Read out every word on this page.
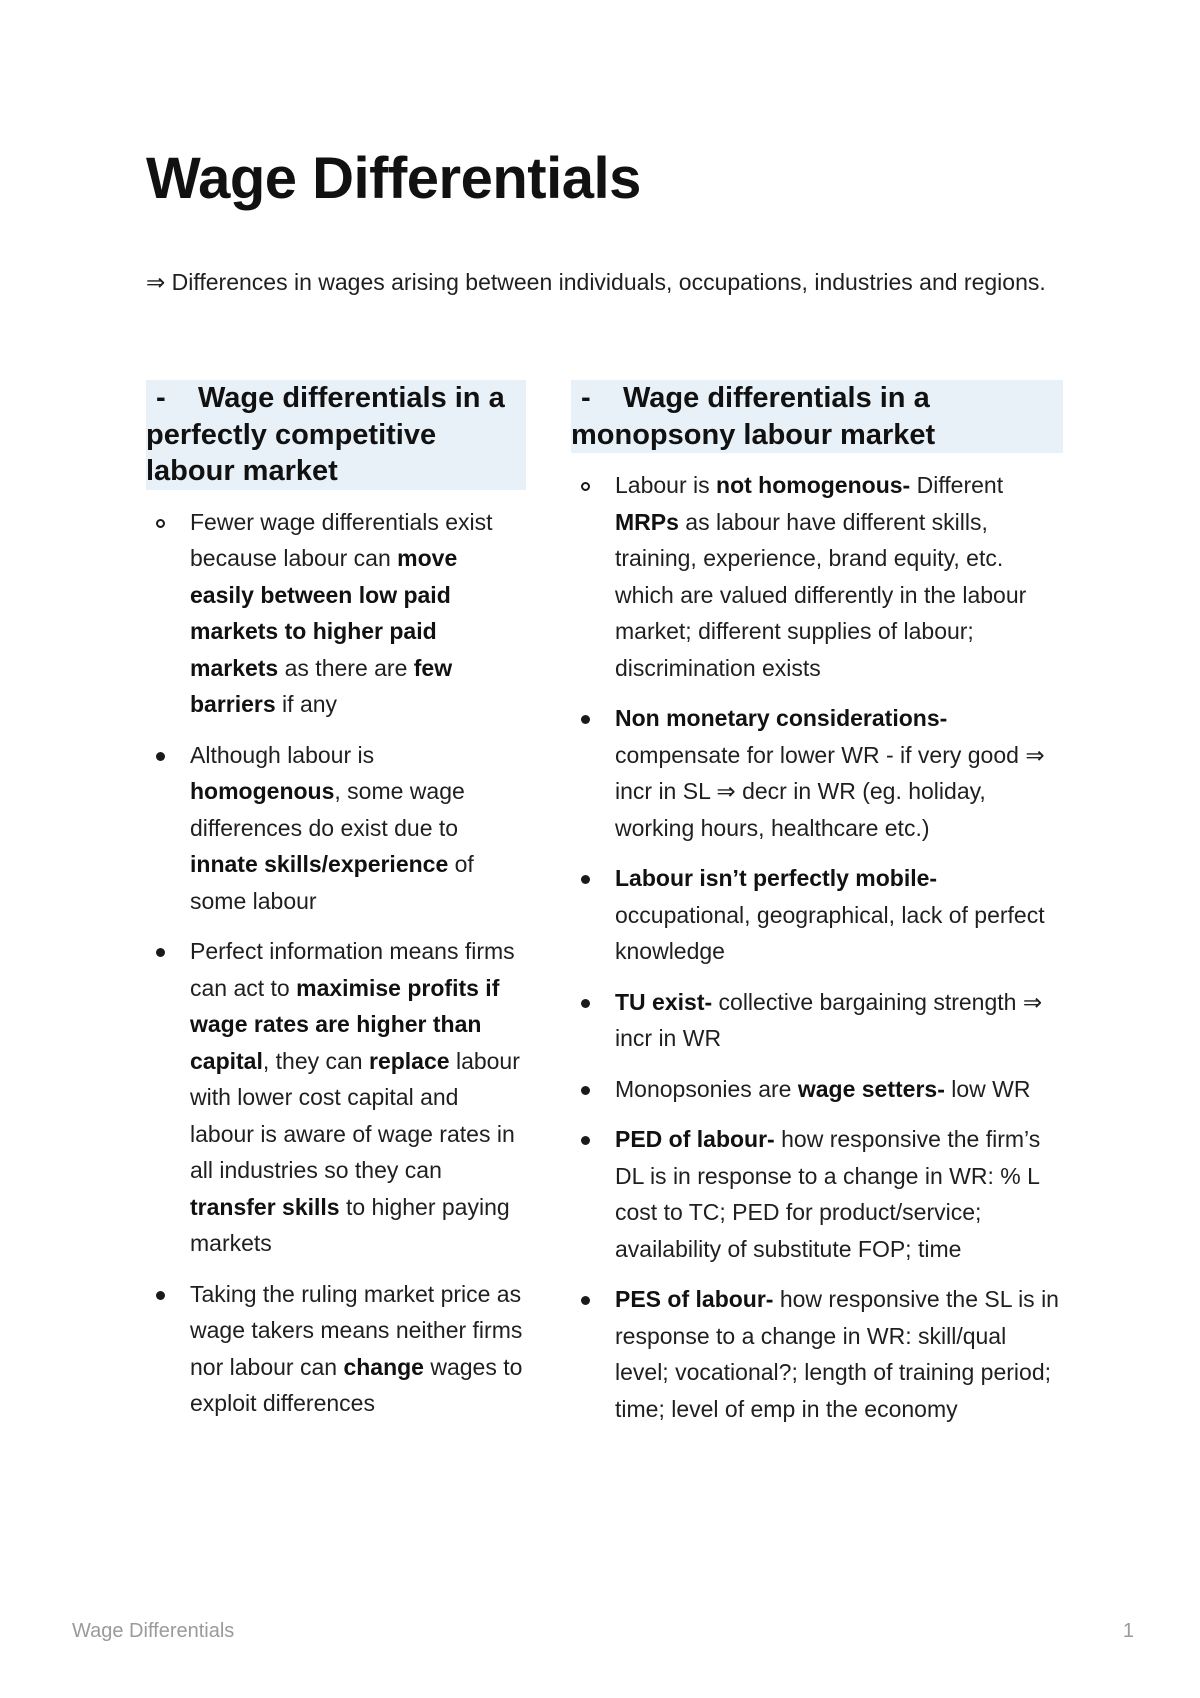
Wage Differentials

⇒ Differences in wages arising between individuals, occupations, industries and regions.

- Wage differentials in a perfectly competitive labour market
Fewer wage differentials exist because labour can move easily between low paid markets to higher paid markets as there are few barriers if any
Although labour is homogenous, some wage differences do exist due to innate skills/experience of some labour
Perfect information means firms can act to maximise profits if wage rates are higher than capital, they can replace labour with lower cost capital and labour is aware of wage rates in all industries so they can transfer skills to higher paying markets
Taking the ruling market price as wage takers means neither firms nor labour can change wages to exploit differences
- Wage differentials in a monopsony labour market
Labour is not homogenous- Different MRPs as labour have different skills, training, experience, brand equity, etc. which are valued differently in the labour market; different supplies of labour; discrimination exists
Non monetary considerations- compensate for lower WR - if very good ⇒ incr in SL ⇒ decr in WR (eg. holiday, working hours, healthcare etc.)
Labour isn’t perfectly mobile- occupational, geographical, lack of perfect knowledge
TU exist- collective bargaining strength ⇒ incr in WR
Monopsonies are wage setters- low WR
PED of labour- how responsive the firm’s DL is in response to a change in WR: % L cost to TC; PED for product/service; availability of substitute FOP; time
PES of labour- how responsive the SL is in response to a change in WR: skill/qual level; vocational?; length of training period; time; level of emp in the economy
Wage Differentials	1
